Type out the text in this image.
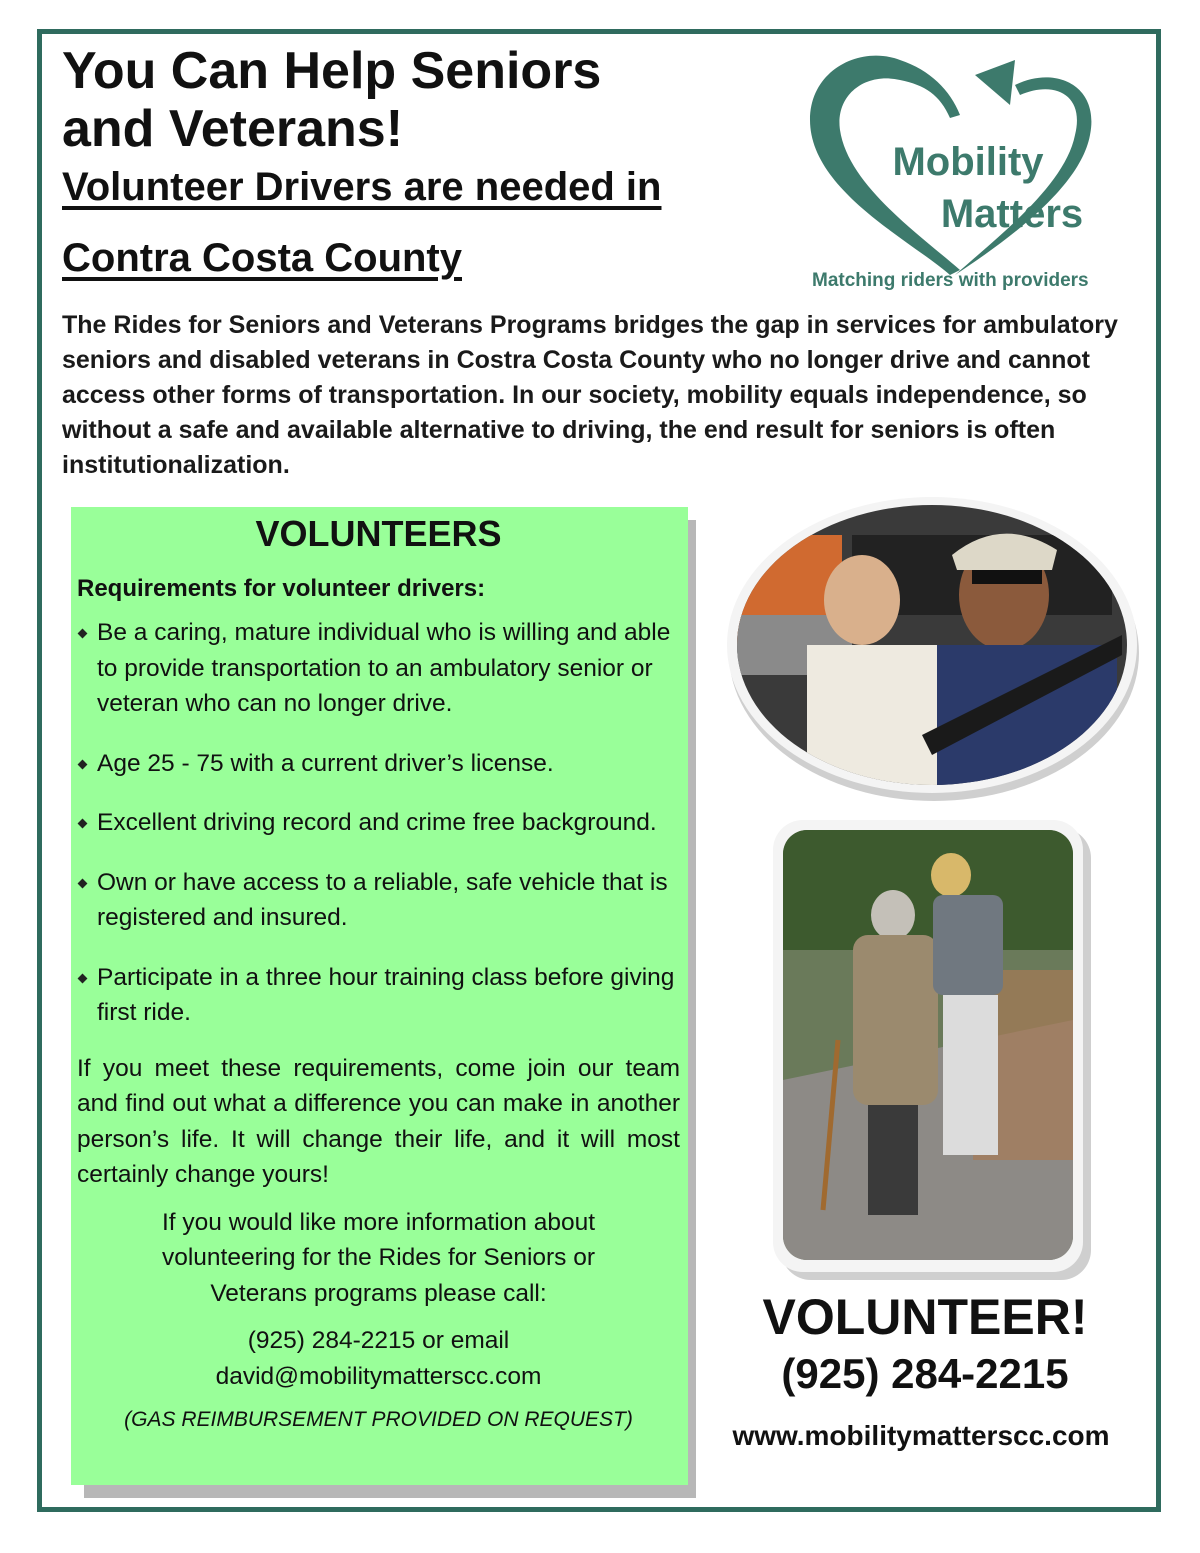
You Can Help Seniors
and Veterans!
Volunteer Drivers are needed in
Contra Costa County
Mobility
Matters
Matching riders with providers

The Rides for Seniors and Veterans Programs bridges the gap in services for ambulatory seniors and disabled veterans in Costra Costa County who no longer drive and cannot access other forms of transportation. In our society, mobility equals independence, so without a safe and available alternative to driving, the end result for seniors is often institutionalization.

VOLUNTEERS
Requirements for volunteer drivers:
Be a caring, mature individual who is willing and able to provide transportation to an ambulatory senior or veteran who can no longer drive.
Age 25 - 75 with a current driver’s license.
Excellent driving record and crime free background.
Own or have access to a reliable, safe vehicle that is registered and insured.
Participate in a three hour training class before giving first ride.

If you meet these requirements, come join our team and find out what a difference you can make in another person’s life. It will change their life, and it will most certainly change yours!

If you would like more information about
volunteering for the Rides for Seniors or
Veterans programs please call:

(925) 284-2215 or email
david@mobilitymatterscc.com

(GAS REIMBURSEMENT PROVIDED ON REQUEST)

VOLUNTEER!
(925) 284-2215
www.mobilitymatterscc.com
